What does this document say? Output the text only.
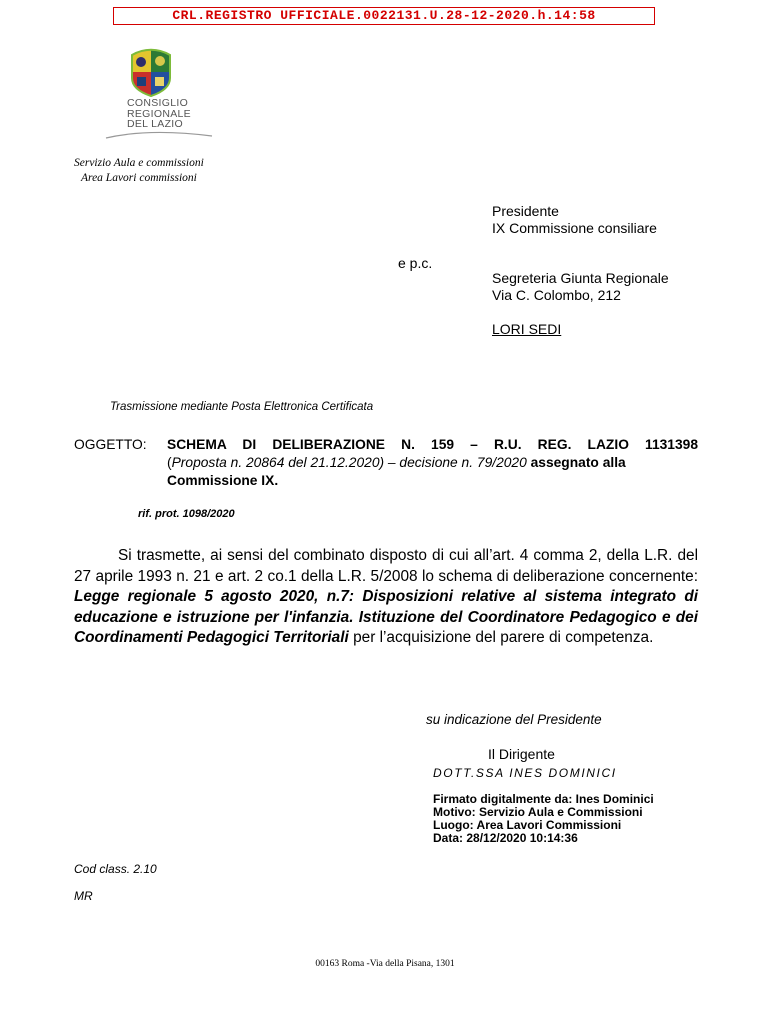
CRL.REGISTRO UFFICIALE.0022131.U.28-12-2020.h.14:58
CONSIGLIO
REGIONALE
DEL LAZIO
Servizio Aula e commissioni
Area Lavori commissioni
Presidente
IX Commissione consiliare
e p.c.
Segreteria Giunta Regionale
Via C. Colombo, 212
LORI SEDI
Trasmissione mediante Posta Elettronica Certificata
OGGETTO: SCHEMA DI DELIBERAZIONE N. 159 – R.U. REG. LAZIO 1131398
(Proposta n. 20864 del 21.12.2020) – decisione n. 79/2020 assegnato alla
Commissione IX.
rif. prot. 1098/2020
Si trasmette, ai sensi del combinato disposto di cui all’art. 4 comma 2, della L.R. del 27 aprile 1993 n. 21 e art. 2 co.1 della L.R. 5/2008 lo schema di deliberazione concernente: Legge regionale 5 agosto 2020, n.7: Disposizioni relative al sistema integrato di educazione e istruzione per l'infanzia. Istituzione del Coordinatore Pedagogico e dei Coordinamenti Pedagogici Territoriali per l’acquisizione del parere di competenza.
su indicazione del Presidente
Il Dirigente
DOTT.SSA INES DOMINICI
Firmato digitalmente da: Ines Dominici
Motivo: Servizio Aula e Commissioni
Luogo: Area Lavori Commissioni
Data: 28/12/2020 10:14:36
Cod class. 2.10
MR
00163 Roma -Via della Pisana, 1301
